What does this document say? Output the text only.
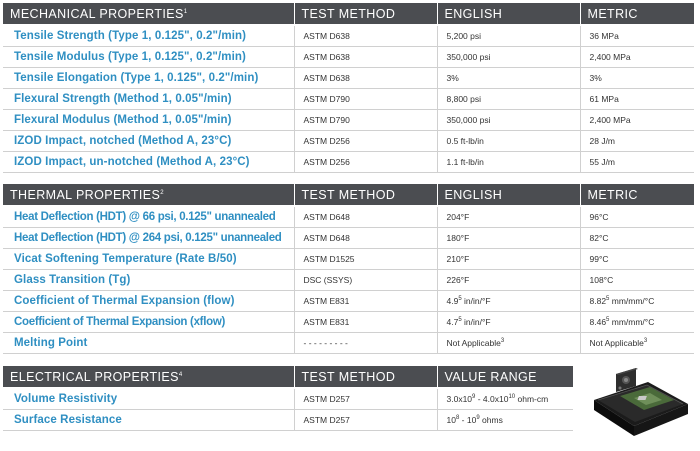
MECHANICAL PROPERTIES$^1$	TEST METHOD	ENGLISH	METRIC

Tensile Strength (Type 1, 0.125", 0.2"/min)	ASTM D638	5,200 psi	36 MPa
Tensile Modulus (Type 1, 0.125", 0.2"/min)	ASTM D638	350,000 psi	2,400 MPa
Tensile Elongation (Type 1, 0.125", 0.2"/min)	ASTM D638	3%	3%
Flexural Strength (Method 1, 0.05"/min)	ASTM D790	8,800 psi	61 MPa
Flexural Modulus (Method 1, 0.05"/min)	ASTM D790	350,000 psi	2,400 MPa
IZOD Impact, notched (Method A, 23°C)	ASTM D256	0.5 ft-lb/in	28 J/m
IZOD Impact, un-notched (Method A, 23°C)	ASTM D256	1.1 ft-lb/in	55 J/m
THERMAL PROPERTIES$^2$	TEST METHOD	ENGLISH	METRIC

Heat Deflection (HDT) @ 66 psi, 0.125" unannealed	ASTM D648	204°F	96°C
Heat Deflection (HDT) @ 264 psi, 0.125" unannealed	ASTM D648	180°F	82°C
Vicat Softening Temperature (Rate B/50)	ASTM D1525	210°F	99°C
Glass Transition (Tg)	DSC (SSYS)	226°F	108°C
Coefficient of Thermal Expansion (flow)	ASTM E831	$4.9^5$ in/in/°F	8.82$^5$ mm/mm/°C
Coefficient of Thermal Expansion (xflow)	ASTM E831	$4.7^5$ in/in/°F	8.46$^5$ mm/mm/°C
Melting Point	- - - - - - - - -	Not Applicable$^3$	Not Applicable$^3$
ELECTRICAL PROPERTIES$^4$	TEST METHOD	VALUE RANGE

Volume Resistivity	ASTM D257	$3.0x10^9 - 4.0x10^{10}$ ohm-cm
Surface Resistance	ASTM D257	$10^8 - 10^9$ ohms
